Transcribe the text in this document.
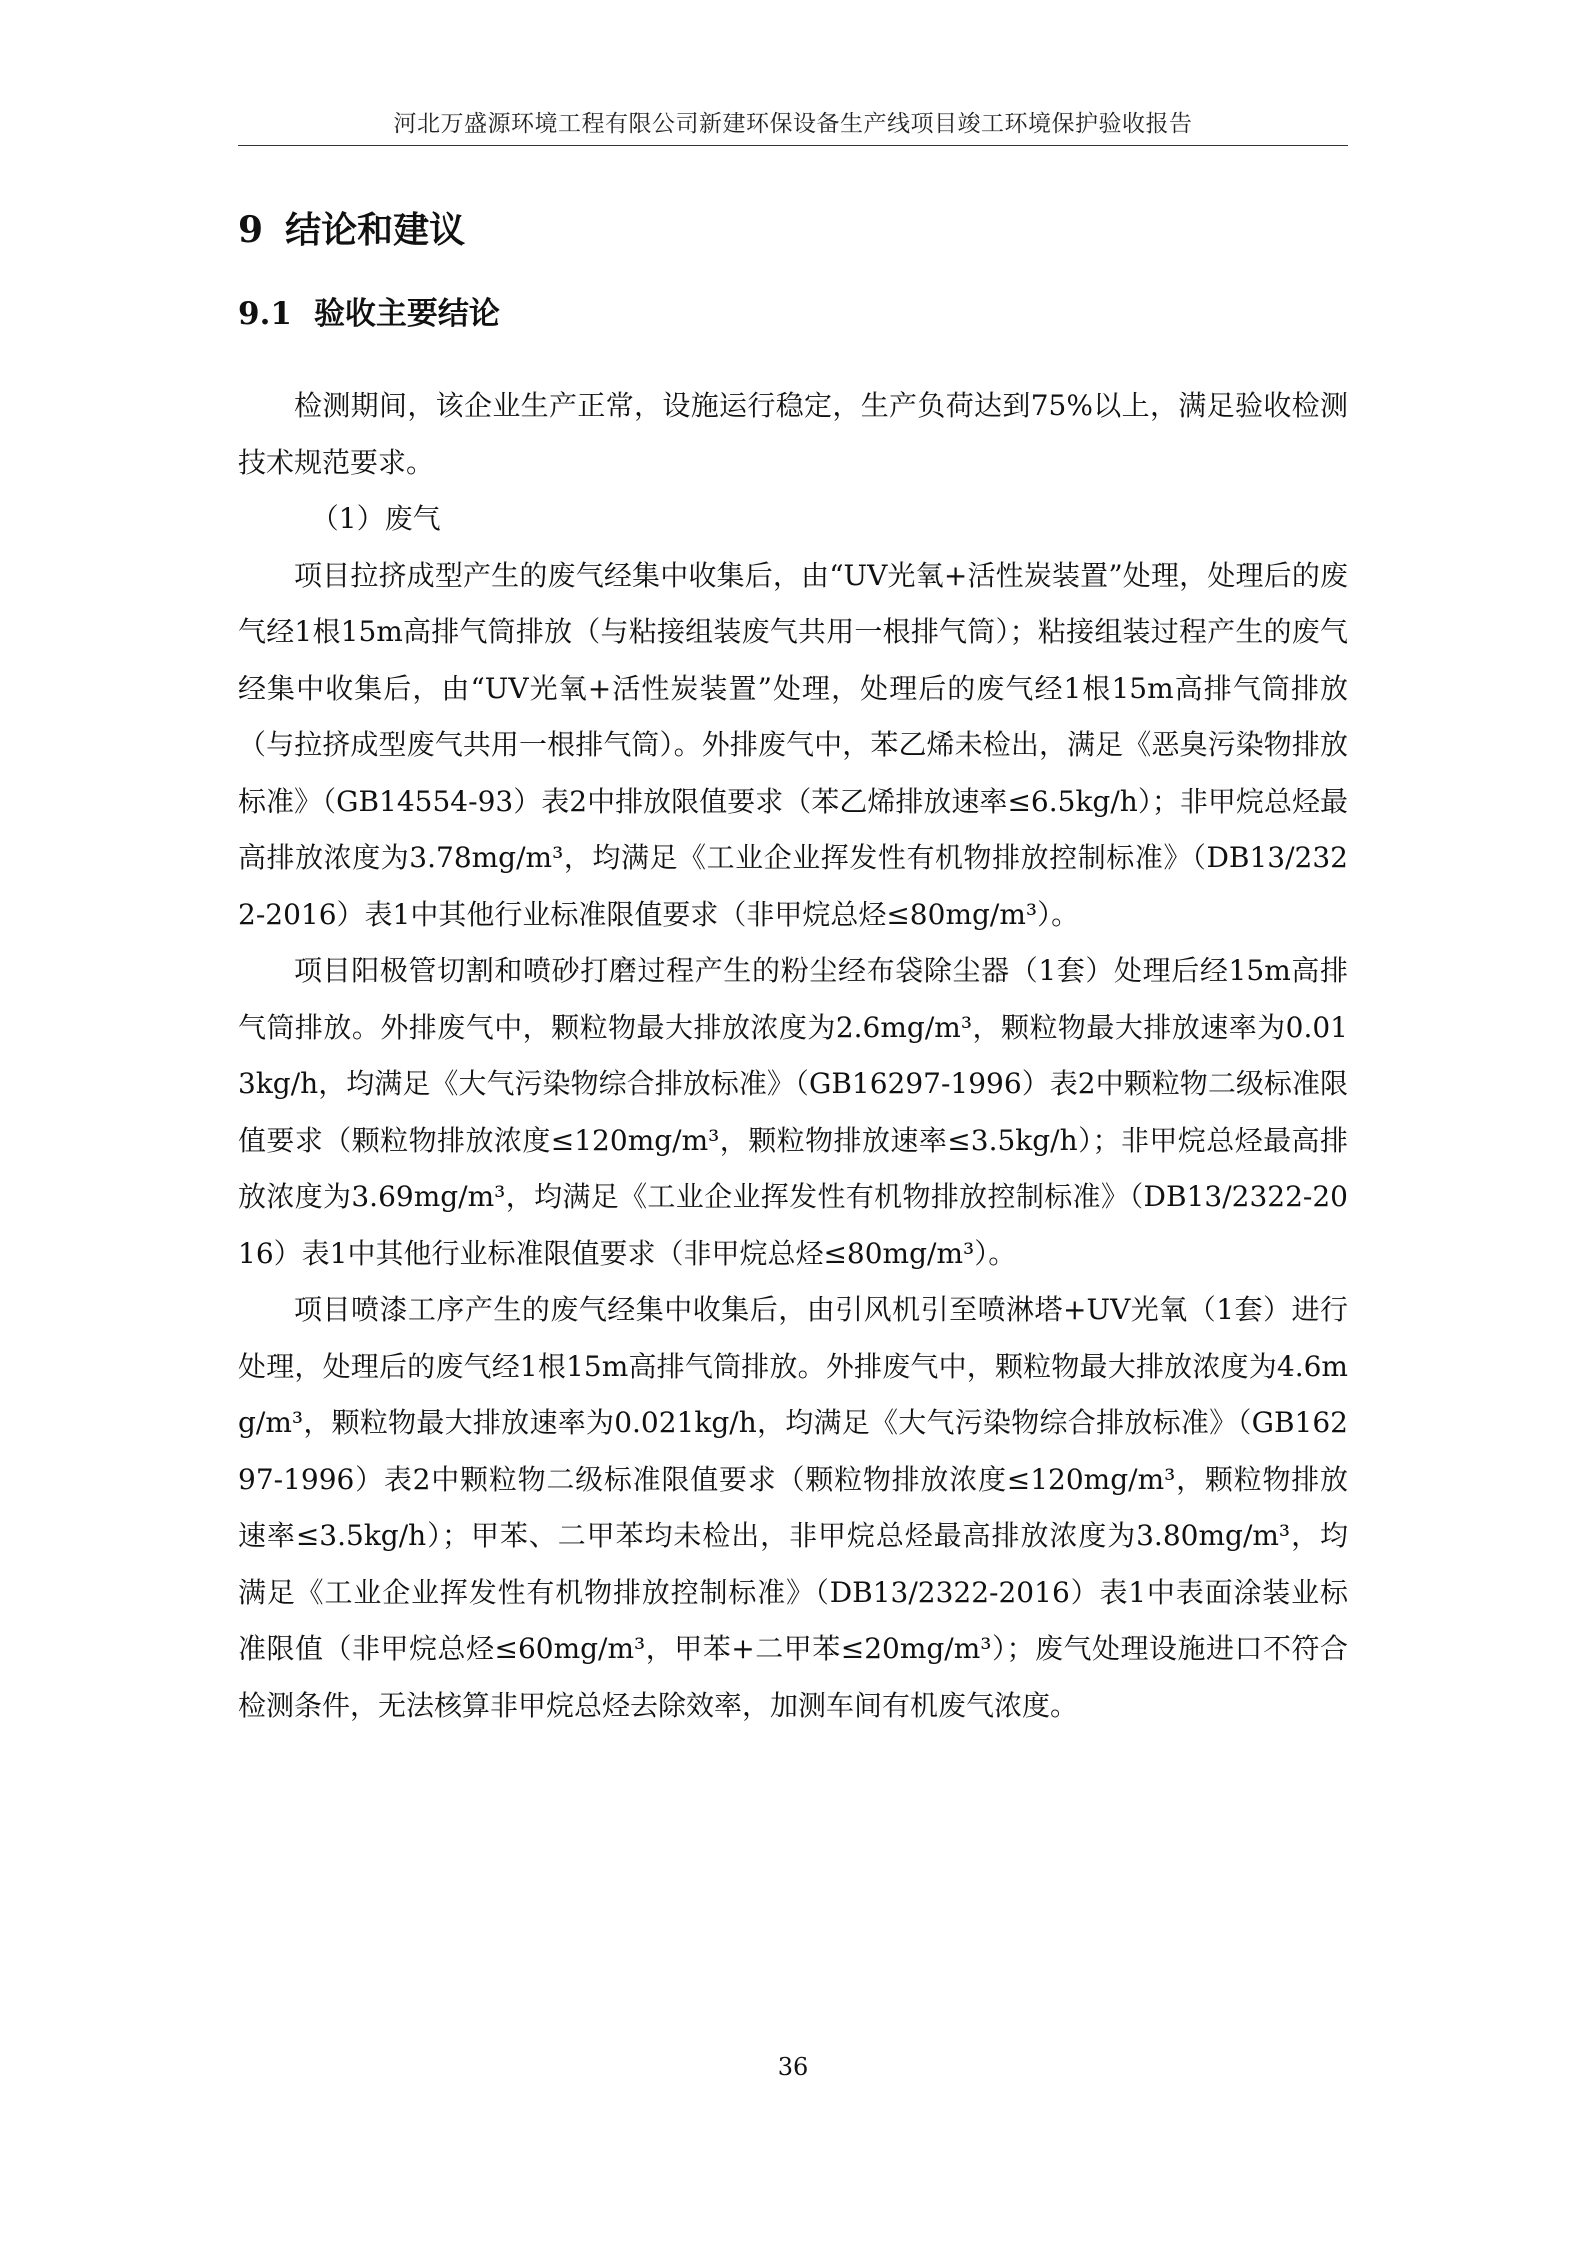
河北万盛源环境工程有限公司新建环保设备生产线项目竣工环境保护验收报告
9 结论和建议
9.1 验收主要结论

检测期间，该企业生产正常，设施运行稳定，生产负荷达到75%以上，满足验收检测技术规范要求。

（1）废气

项目拉挤成型产生的废气经集中收集后，由“UV光氧+活性炭装置”处理，处理后的废气经1根15m高排气筒排放（与粘接组装废气共用一根排气筒）；粘接组装过程产生的废气经集中收集后，由“UV光氧+活性炭装置”处理，处理后的废气经1根15m高排气筒排放（与拉挤成型废气共用一根排气筒）。外排废气中，苯乙烯未检出，满足《恶臭污染物排放标准》（GB14554-93）表2中排放限值要求（苯乙烯排放速率≤6.5kg/h）；非甲烷总烃最高排放浓度为3.78mg/m³，均满足《工业企业挥发性有机物排放控制标准》（DB13/2322-2016）表1中其他行业标准限值要求（非甲烷总烃≤80mg/m³）。

项目阳极管切割和喷砂打磨过程产生的粉尘经布袋除尘器（1套）处理后经15m高排气筒排放。外排废气中，颗粒物最大排放浓度为2.6mg/m³，颗粒物最大排放速率为0.013kg/h，均满足《大气污染物综合排放标准》（GB16297-1996）表2中颗粒物二级标准限值要求（颗粒物排放浓度≤120mg/m³，颗粒物排放速率≤3.5kg/h）；非甲烷总烃最高排放浓度为3.69mg/m³，均满足《工业企业挥发性有机物排放控制标准》（DB13/2322-2016）表1中其他行业标准限值要求（非甲烷总烃≤80mg/m³）。

项目喷漆工序产生的废气经集中收集后，由引风机引至喷淋塔+UV光氧（1套）进行处理，处理后的废气经1根15m高排气筒排放。外排废气中，颗粒物最大排放浓度为4.6mg/m³，颗粒物最大排放速率为0.021kg/h，均满足《大气污染物综合排放标准》（GB16297-1996）表2中颗粒物二级标准限值要求（颗粒物排放浓度≤120mg/m³，颗粒物排放速率≤3.5kg/h）；甲苯、二甲苯均未检出，非甲烷总烃最高排放浓度为3.80mg/m³，均满足《工业企业挥发性有机物排放控制标准》（DB13/2322-2016）表1中表面涂装业标准限值（非甲烷总烃≤60mg/m³，甲苯+二甲苯≤20mg/m³）；废气处理设施进口不符合检测条件，无法核算非甲烷总烃去除效率，加测车间有机废气浓度。

36
